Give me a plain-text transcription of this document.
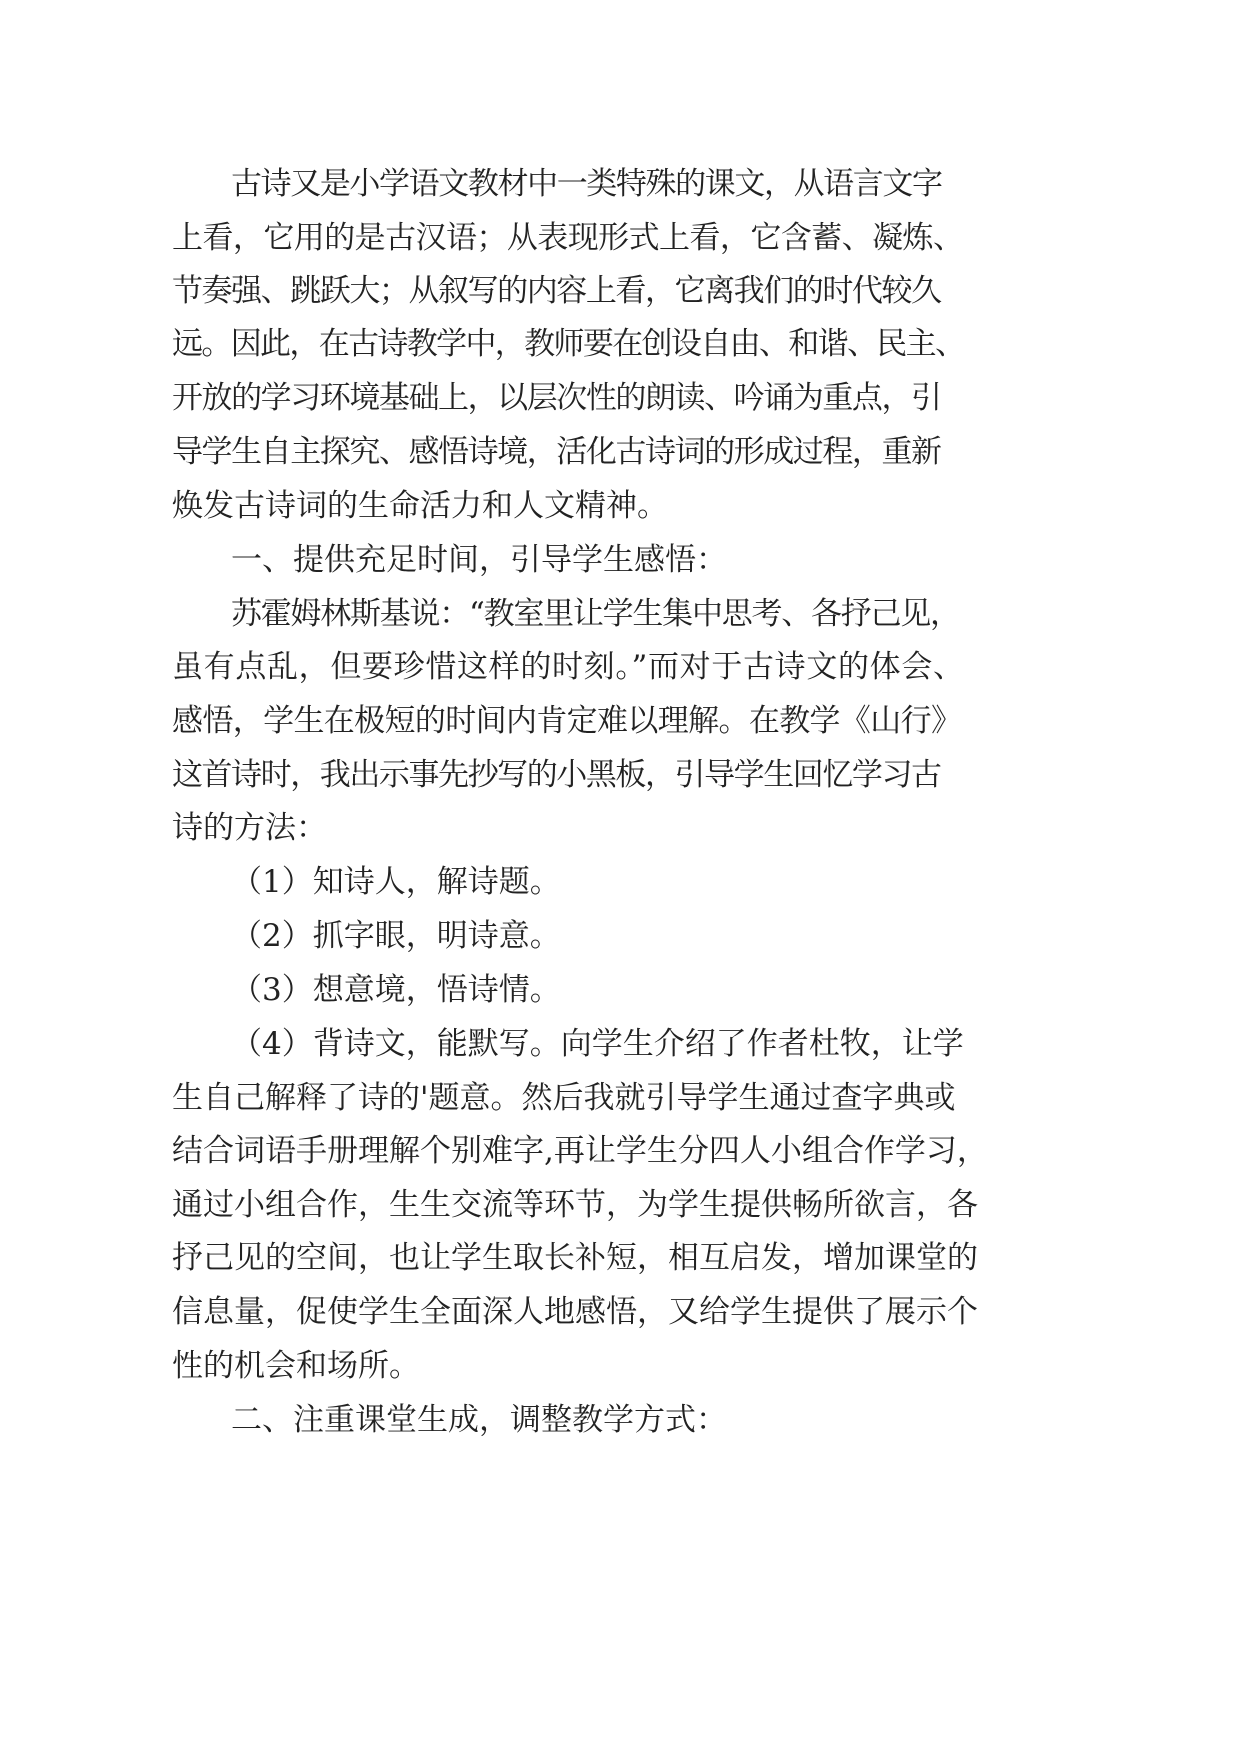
古诗又是小学语文教材中一类特殊的课文，从语言文字
上看，它用的是古汉语；从表现形式上看，它含蓄、凝炼、
节奏强、跳跃大；从叙写的内容上看，它离我们的时代较久
远。因此，在古诗教学中，教师要在创设自由、和谐、民主、
开放的学习环境基础上，以层次性的朗读、吟诵为重点，引
导学生自主探究、感悟诗境，活化古诗词的形成过程，重新
焕发古诗词的生命活力和人文精神。
一、提供充足时间，引导学生感悟：
苏霍姆林斯基说：“教室里让学生集中思考、各抒己见，
虽有点乱，但要珍惜这样的时刻。”而对于古诗文的体会、
感悟，学生在极短的时间内肯定难以理解。在教学《山行》
这首诗时，我出示事先抄写的小黑板，引导学生回忆学习古
诗的方法：
（1）知诗人，解诗题。
（2）抓字眼，明诗意。
（3）想意境，悟诗情。
（4）背诗文，能默写。向学生介绍了作者杜牧，让学
生自己解释了诗的'题意。然后我就引导学生通过查字典或
结合词语手册理解个别难字,再让学生分四人小组合作学习，
通过小组合作，生生交流等环节，为学生提供畅所欲言，各
抒己见的空间，也让学生取长补短，相互启发，增加课堂的
信息量，促使学生全面深人地感悟，又给学生提供了展示个
性的机会和场所。
二、注重课堂生成，调整教学方式：
